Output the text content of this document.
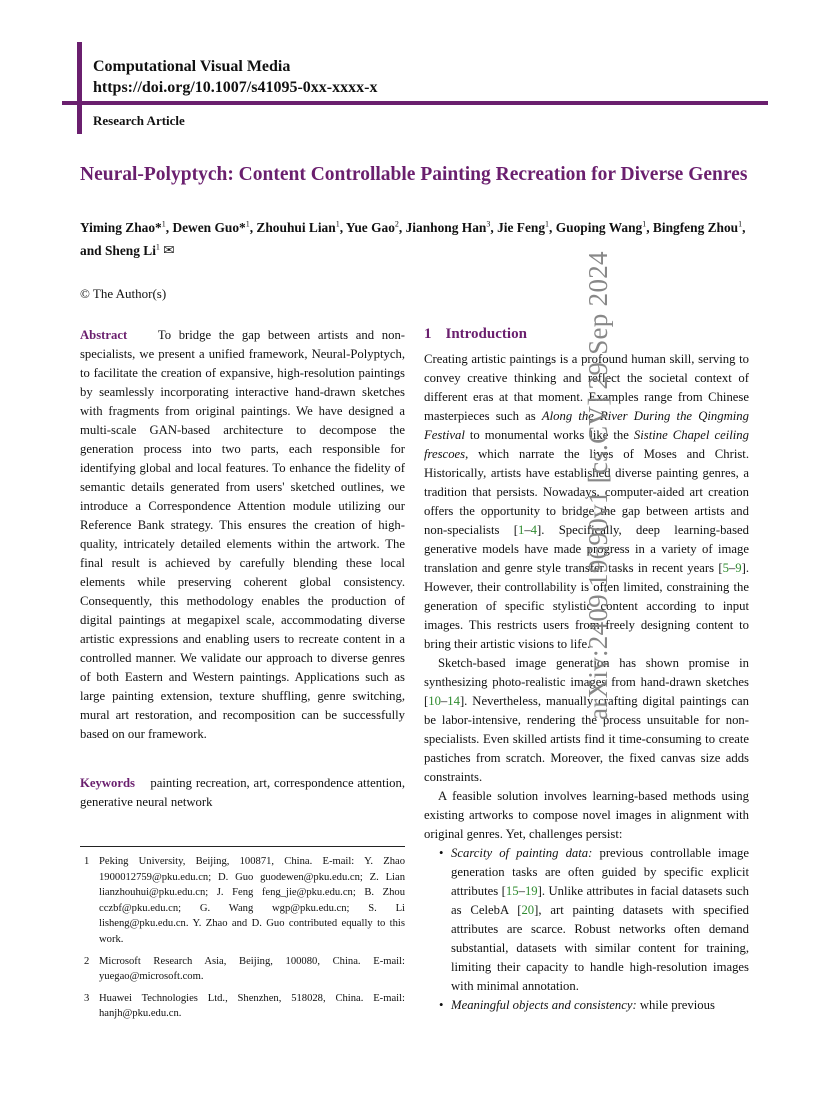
Computational Visual Media
https://doi.org/10.1007/s41095-0xx-xxxx-x
Research Article
Neural-Polyptych: Content Controllable Painting Recreation for Diverse Genres
Yiming Zhao*$^1$, Dewen Guo*$^1$, Zhouhui Lian$^1$, Yue Gao$^2$, Jianhong Han$^3$, Jie Feng$^1$, Guoping Wang$^1$, Bingfeng Zhou$^1$, and Sheng Li$^1$ ✉
© The Author(s)

Abstract To bridge the gap between artists and non-specialists, we present a unified framework, Neural-Polyptych, to facilitate the creation of expansive, high-resolution paintings by seamlessly incorporating interactive hand-drawn sketches with fragments from original paintings. We have designed a multi-scale GAN-based architecture to decompose the generation process into two parts, each responsible for identifying global and local features. To enhance the fidelity of semantic details generated from users' sketched outlines, we introduce a Correspondence Attention module utilizing our Reference Bank strategy. This ensures the creation of high-quality, intricately detailed elements within the artwork. The final result is achieved by carefully blending these local elements while preserving coherent global consistency. Consequently, this methodology enables the production of digital paintings at megapixel scale, accommodating diverse artistic expressions and enabling users to recreate content in a controlled manner. We validate our approach to diverse genres of both Eastern and Western paintings. Applications such as large painting extension, texture shuffling, genre switching, mural art restoration, and recomposition can be successfully based on our framework.

Keywords painting recreation, art, correspondence attention, generative neural network
1 Peking University, Beijing, 100871, China. E-mail: Y. Zhao 1900012759@pku.edu.cn; D. Guo guodewen@pku.edu.cn; Z. Lian lianzhouhui@pku.edu.cn; J. Feng feng_jie@pku.edu.cn; B. Zhou cczbf@pku.edu.cn; G. Wang wgp@pku.edu.cn; S. Li lisheng@pku.edu.cn. Y. Zhao and D. Guo contributed equally to this work.
2 Microsoft Research Asia, Beijing, 100080, China. E-mail: yuegao@microsoft.com.
3 Huawei Technologies Ltd., Shenzhen, 518028, China. E-mail: hanjh@pku.edu.cn.
1 Introduction

Creating artistic paintings is a profound human skill, serving to convey creative thinking and reflect the societal context of different eras at that moment. Examples range from Chinese masterpieces such as Along the River During the Qingming Festival to monumental works like the Sistine Chapel ceiling frescoes, which narrate the lives of Moses and Christ. Historically, artists have established diverse painting genres, a tradition that persists. Nowadays, computer-aided art creation offers the opportunity to bridge the gap between artists and non-specialists [1–4]. Specifically, deep learning-based generative models have made progress in a variety of image translation and genre style transfer tasks in recent years [5–9]. However, their controllability is often limited, constraining the generation of specific stylistic content according to input images. This restricts users from freely designing content to bring their artistic visions to life.

Sketch-based image generation has shown promise in synthesizing photo-realistic images from hand-drawn sketches [10–14]. Nevertheless, manually crafting digital paintings can be labor-intensive, rendering the process unsuitable for non-specialists. Even skilled artists find it time-consuming to create pastiches from scratch. Moreover, the fixed canvas size adds constraints.

A feasible solution involves learning-based methods using existing artworks to compose novel images in alignment with original genres. Yet, challenges persist:

• Scarcity of painting data: previous controllable image generation tasks are often guided by specific explicit attributes [15–19]. Unlike attributes in facial datasets such as CelebA [20], art painting datasets with specified attributes are scarce. Robust networks often demand substantial, datasets with similar content for training, limiting their capacity to handle high-resolution images with minimal annotation.
• Meaningful objects and consistency: while previous
arXiv:2409.19690v1 [cs.CV] 29 Sep 2024
